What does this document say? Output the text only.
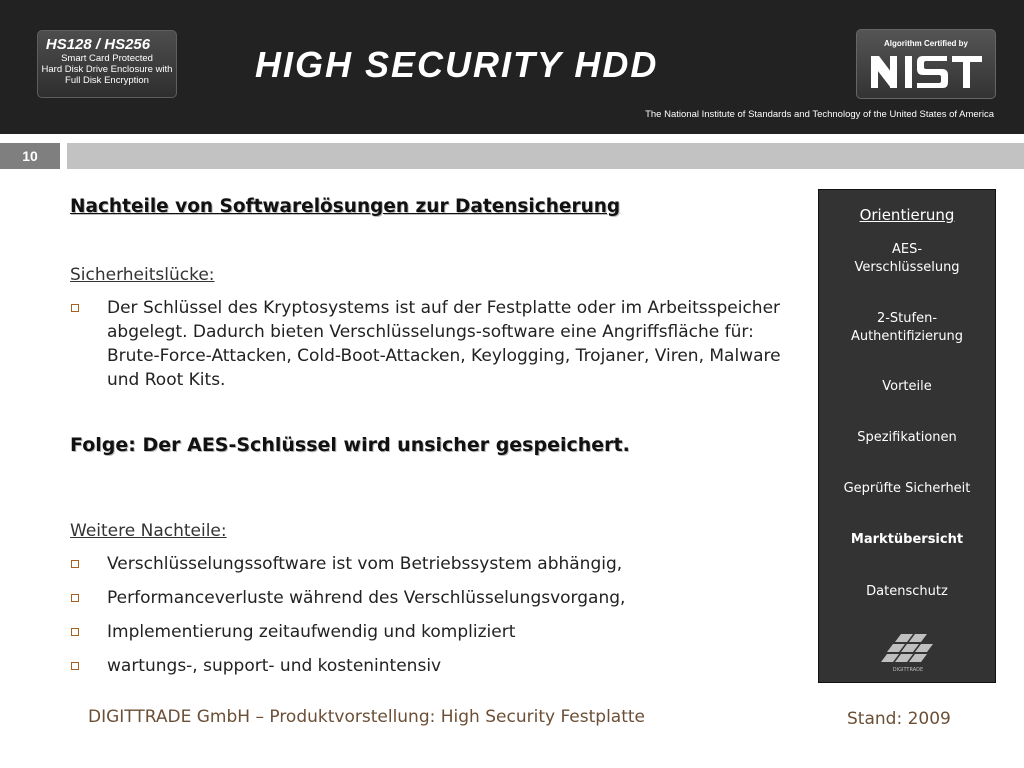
HS128 / HS256
Smart Card Protected
Hard Disk Drive Enclosure with
Full Disk Encryption	HIGH SECURITY HDD
Algorithm Certified by
The National Institute of Standards and Technology of the United States of America
10
Nachteile von Softwarelösungen zur Datensicherung
Sicherheitslücke:
Der Schlüssel des Kryptosystems ist auf der Festplatte oder im Arbeitsspeicher abgelegt. Dadurch bieten Verschlüsselungs-software eine Angriffsfläche für: Brute-Force-Attacken, Cold-Boot-Attacken, Keylogging, Trojaner, Viren, Malware und Root Kits.
Folge: Der AES-Schlüssel wird unsicher gespeichert.
Weitere Nachteile:
Verschlüsselungssoftware ist vom Betriebssystem abhängig,
Performanceverluste während des Verschlüsselungsvorgang,
Implementierung zeitaufwendig und kompliziert
wartungs-, support- und kostenintensiv
Orientierung
AES-
Verschlüsselung
2-Stufen-
Authentifizierung
Vorteile
Spezifikationen
Geprüfte Sicherheit
Marktübersicht
Datenschutz
DIGITTRADE
DIGITTRADE GmbH – Produktvorstellung: High Security Festplatte	Stand: 2009
